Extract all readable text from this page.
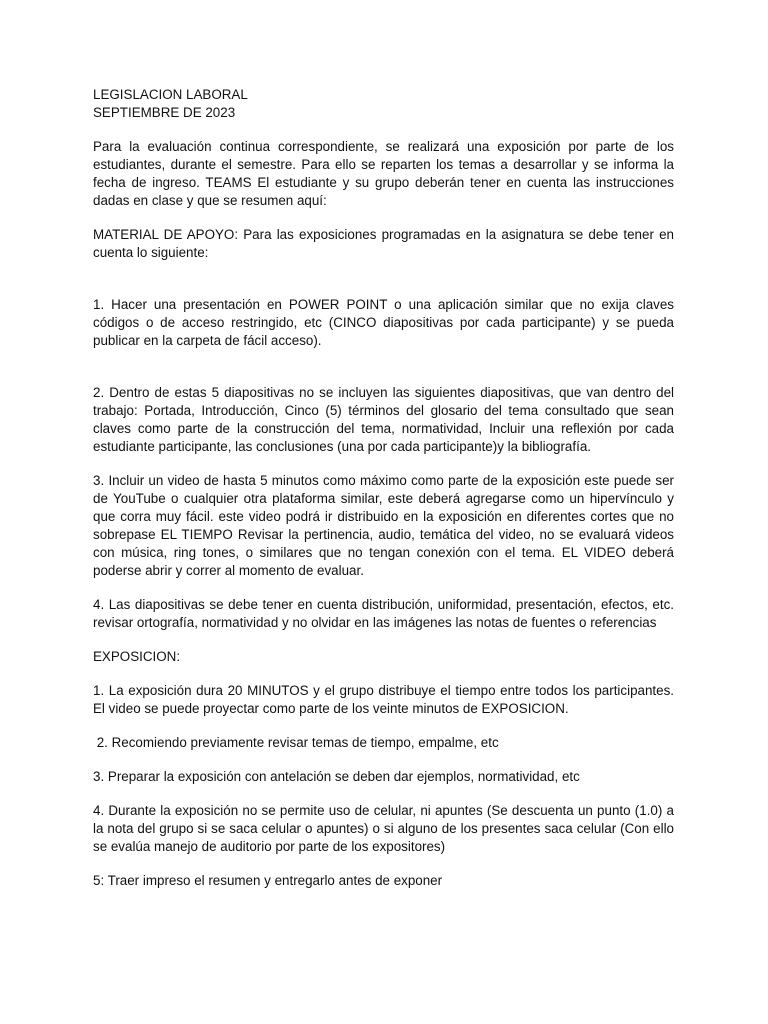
LEGISLACION LABORAL

SEPTIEMBRE DE 2023

Para la evaluación continua correspondiente, se realizará una exposición por parte de los estudiantes, durante el semestre. Para ello se reparten los temas a desarrollar y se informa la fecha de ingreso. TEAMS El estudiante y su grupo deberán tener en cuenta las instrucciones dadas en clase y que se resumen aquí:

MATERIAL DE APOYO: Para las exposiciones programadas en la asignatura se debe tener en cuenta lo siguiente:

1. Hacer una presentación en POWER POINT o una aplicación similar que no exija claves códigos o de acceso restringido, etc (CINCO diapositivas por cada participante) y se pueda publicar en la carpeta de fácil acceso).

2. Dentro de estas 5 diapositivas no se incluyen las siguientes diapositivas, que van dentro del trabajo: Portada, Introducción, Cinco (5) términos del glosario del tema consultado que sean claves como parte de la construcción del tema, normatividad, Incluir una reflexión por cada estudiante participante, las conclusiones (una por cada participante)y la bibliografía.

3. Incluir un video de hasta 5 minutos como máximo como parte de la exposición este puede ser de YouTube o cualquier otra plataforma similar, este deberá agregarse como un hipervínculo y que corra muy fácil. este video podrá ir distribuido en la exposición en diferentes cortes que no sobrepase EL TIEMPO Revisar la pertinencia, audio, temática del video, no se evaluará videos con música, ring tones, o similares que no tengan conexión con el tema. EL VIDEO deberá poderse abrir y correr al momento de evaluar.

4. Las diapositivas se debe tener en cuenta distribución, uniformidad, presentación, efectos, etc. revisar ortografía, normatividad y no olvidar en las imágenes las notas de fuentes o referencias

EXPOSICION:

1. La exposición dura 20 MINUTOS y el grupo distribuye el tiempo entre todos los participantes. El video se puede proyectar como parte de los veinte minutos de EXPOSICION.

2. Recomiendo previamente revisar temas de tiempo, empalme, etc

3. Preparar la exposición con antelación se deben dar ejemplos, normatividad, etc

4. Durante la exposición no se permite uso de celular, ni apuntes (Se descuenta un punto (1.0) a la nota del grupo si se saca celular o apuntes) o si alguno de los presentes saca celular (Con ello se evalúa manejo de auditorio por parte de los expositores)

5: Traer impreso el resumen y entregarlo antes de exponer
